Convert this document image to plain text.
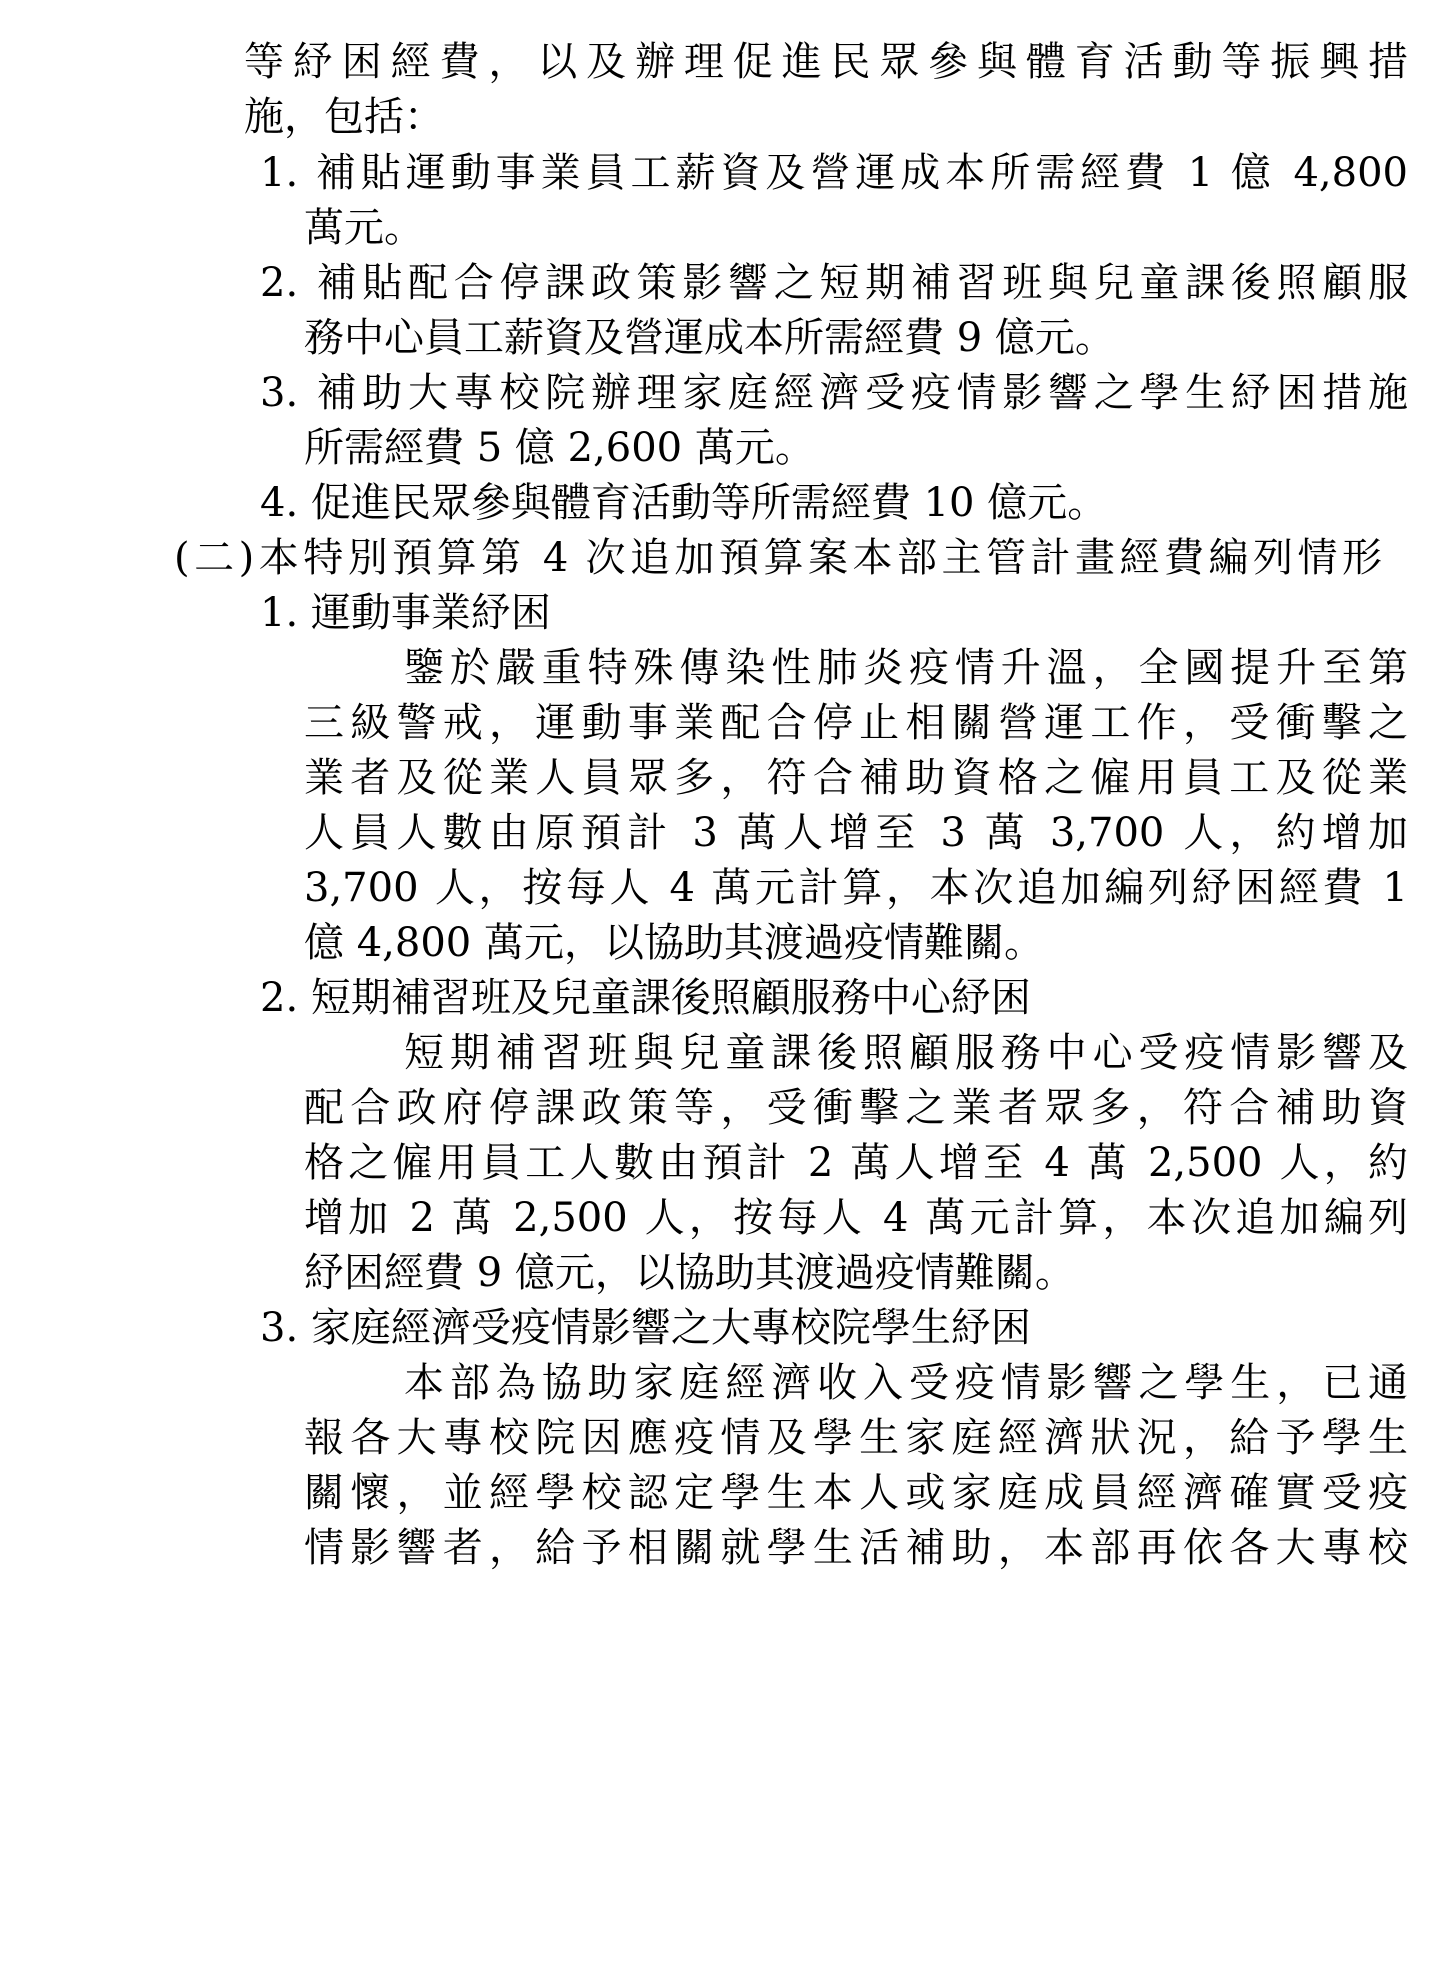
等紓困經費，以及辦理促進民眾參與體育活動等振興措

施，包括：

1. 補貼運動事業員工薪資及營運成本所需經費 1 億 4,800

萬元。

2. 補貼配合停課政策影響之短期補習班與兒童課後照顧服

務中心員工薪資及營運成本所需經費 9 億元。

3. 補助大專校院辦理家庭經濟受疫情影響之學生紓困措施

所需經費 5 億 2,600 萬元。

4. 促進民眾參與體育活動等所需經費 10 億元。

(二)本特別預算第 4 次追加預算案本部主管計畫經費編列情形

1. 運動事業紓困

鑒於嚴重特殊傳染性肺炎疫情升溫，全國提升至第

三級警戒，運動事業配合停止相關營運工作，受衝擊之

業者及從業人員眾多，符合補助資格之僱用員工及從業

人員人數由原預計 3 萬人增至 3 萬 3,700 人，約增加

3,700 人，按每人 4 萬元計算，本次追加編列紓困經費 1

億 4,800 萬元，以協助其渡過疫情難關。

2. 短期補習班及兒童課後照顧服務中心紓困

短期補習班與兒童課後照顧服務中心受疫情影響及

配合政府停課政策等，受衝擊之業者眾多，符合補助資

格之僱用員工人數由預計 2 萬人增至 4 萬 2,500 人，約

增加 2 萬 2,500 人，按每人 4 萬元計算，本次追加編列

紓困經費 9 億元，以協助其渡過疫情難關。

3. 家庭經濟受疫情影響之大專校院學生紓困

本部為協助家庭經濟收入受疫情影響之學生，已通

報各大專校院因應疫情及學生家庭經濟狀況，給予學生

關懷，並經學校認定學生本人或家庭成員經濟確實受疫

情影響者，給予相關就學生活補助，本部再依各大專校
